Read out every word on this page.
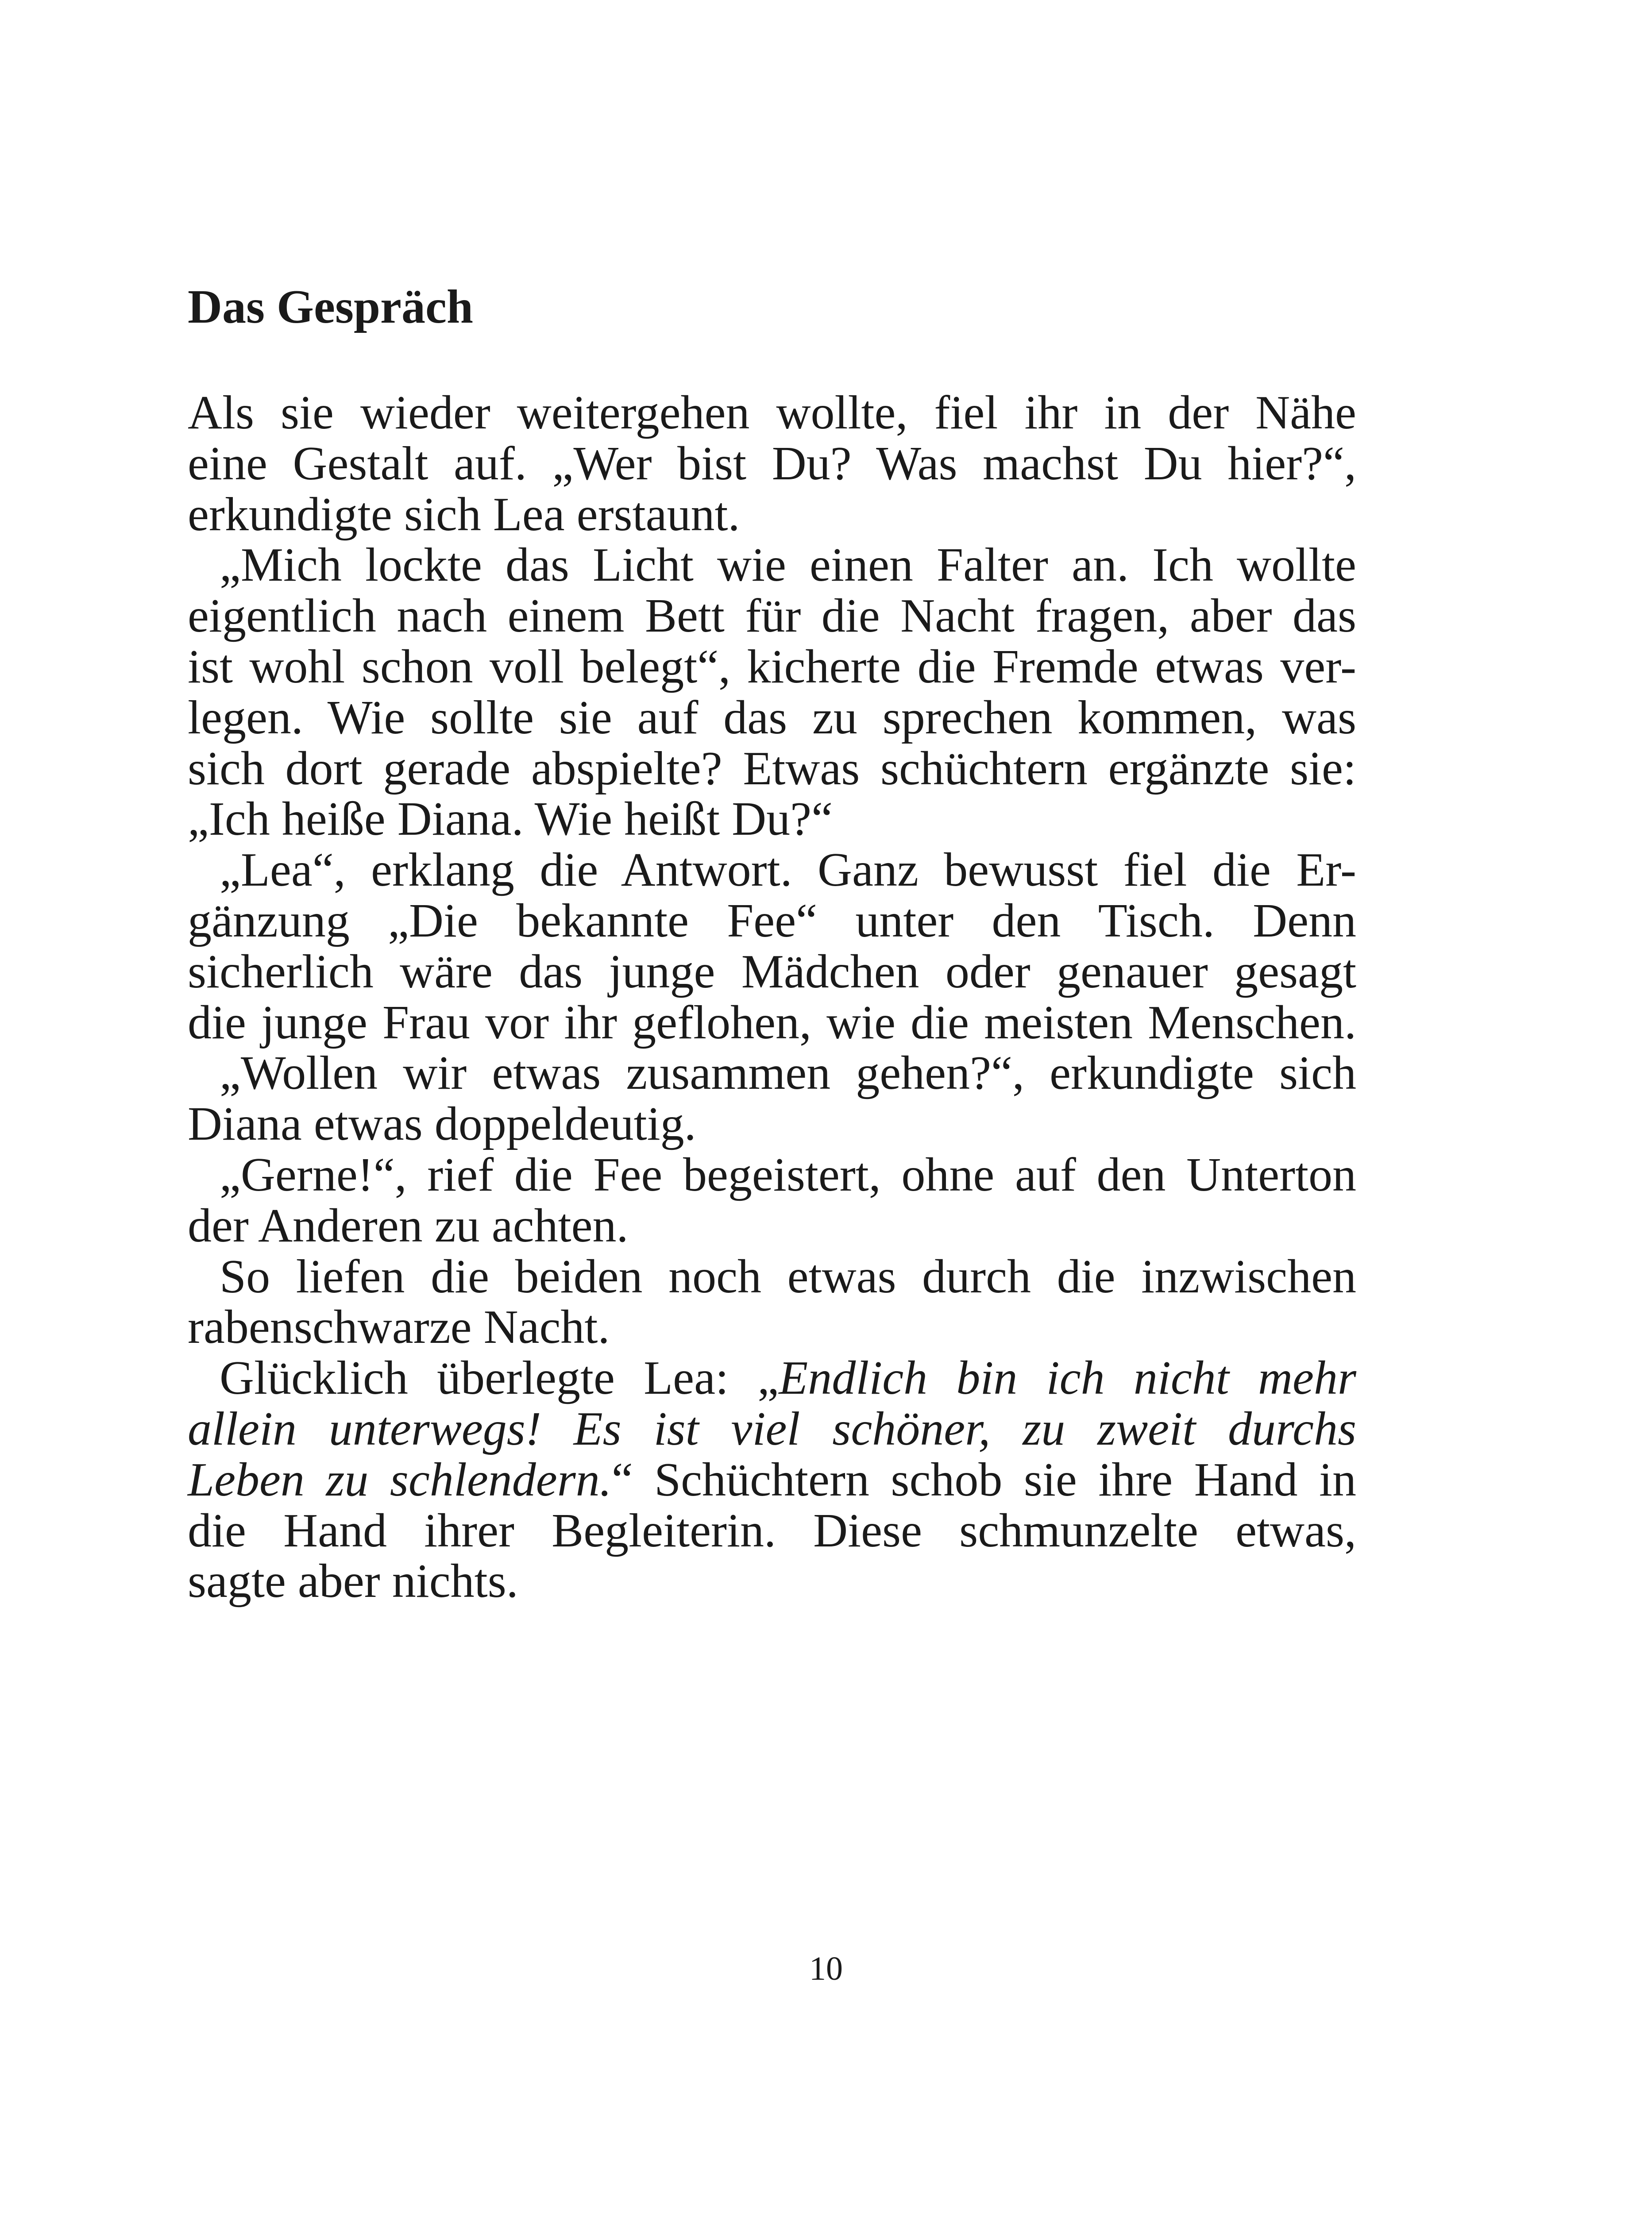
Das Gespräch
Als sie wieder weitergehen wollte, fiel ihr in der Nähe
eine Gestalt auf. „Wer bist Du? Was machst Du hier?“,
erkundigte sich Lea erstaunt.
„Mich lockte das Licht wie einen Falter an. Ich wollte
eigentlich nach einem Bett für die Nacht fragen, aber das
ist wohl schon voll belegt“, kicherte die Fremde etwas ver-
legen. Wie sollte sie auf das zu sprechen kommen, was
sich dort gerade abspielte? Etwas schüchtern ergänzte sie:
„Ich heiße Diana. Wie heißt Du?“
„Lea“, erklang die Antwort. Ganz bewusst fiel die Er-
gänzung „Die bekannte Fee“ unter den Tisch. Denn
sicherlich wäre das junge Mädchen oder genauer gesagt
die junge Frau vor ihr geflohen, wie die meisten Menschen.
„Wollen wir etwas zusammen gehen?“, erkundigte sich
Diana etwas doppeldeutig.
„Gerne!“, rief die Fee begeistert, ohne auf den Unterton
der Anderen zu achten.
So liefen die beiden noch etwas durch die inzwischen
rabenschwarze Nacht.
Glücklich überlegte Lea: „Endlich bin ich nicht mehr
allein unterwegs! Es ist viel schöner, zu zweit durchs
Leben zu schlendern.“ Schüchtern schob sie ihre Hand in
die Hand ihrer Begleiterin. Diese schmunzelte etwas,
sagte aber nichts.
10
